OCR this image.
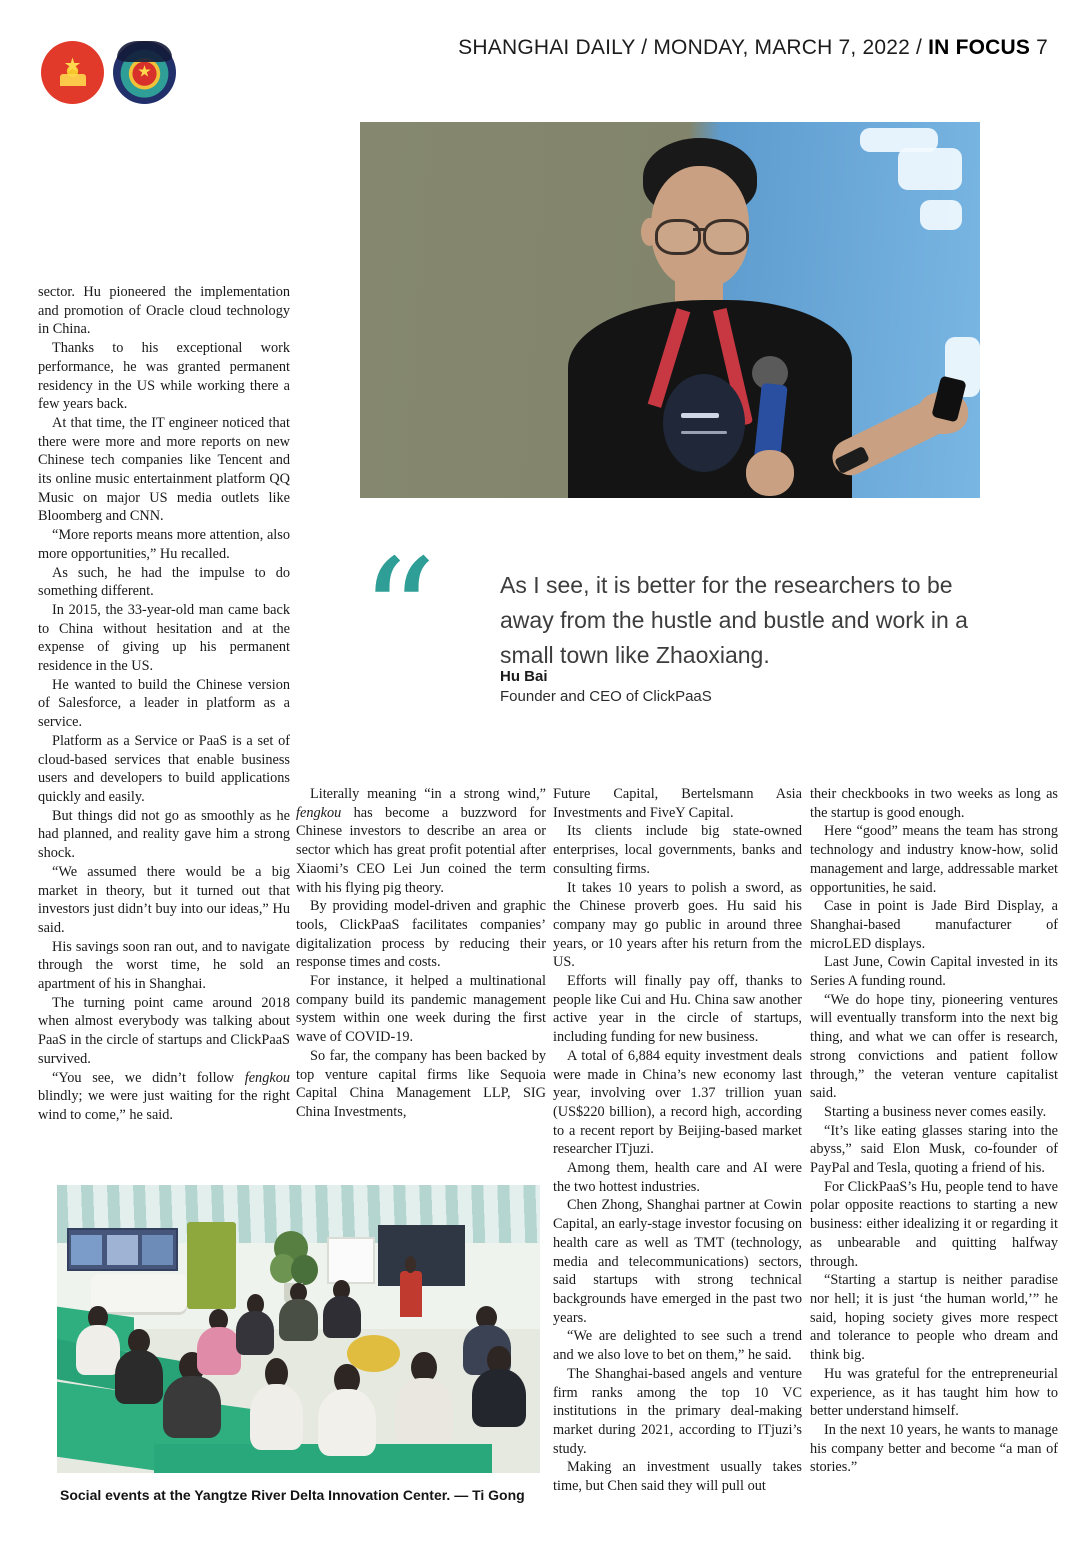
SHANGHAI DAILY / MONDAY, MARCH 7, 2022 / IN FOCUS 7
“	As I see, it is better for the researchers to be away from the hustle and bustle and work in a small town like Zhaoxiang.
Hu Bai
Founder and CEO of ClickPaaS

sector. Hu pioneered the implementation and promotion of Oracle cloud technology in China.

Thanks to his exceptional work performance, he was granted permanent residency in the US while working there a few years back.

At that time, the IT engineer noticed that there were more and more reports on new Chinese tech companies like Tencent and its online music entertainment platform QQ Music on major US media outlets like Bloomberg and CNN.

“More reports means more attention, also more opportunities,” Hu recalled.

As such, he had the impulse to do something different.

In 2015, the 33-year-old man came back to China without hesitation and at the expense of giving up his permanent residence in the US.

He wanted to build the Chinese version of Salesforce, a leader in platform as a service.

Platform as a Service or PaaS is a set of cloud-based services that enable business users and developers to build applications quickly and easily.

But things did not go as smoothly as he had planned, and reality gave him a strong shock.

“We assumed there would be a big market in theory, but it turned out that investors just didn’t buy into our ideas,” Hu said.

His savings soon ran out, and to navigate through the worst time, he sold an apartment of his in Shanghai.

The turning point came around 2018 when almost everybody was talking about PaaS in the circle of startups and ClickPaaS survived.

“You see, we didn’t follow fengkou blindly; we were just waiting for the right wind to come,” he said.

Literally meaning “in a strong wind,” fengkou has become a buzzword for Chinese investors to describe an area or sector which has great profit potential after Xiaomi’s CEO Lei Jun coined the term with his flying pig theory.

By providing model-driven and graphic tools, ClickPaaS facilitates companies’ digitalization process by reducing their response times and costs.

For instance, it helped a multinational company build its pandemic management system within one week during the first wave of COVID-19.

So far, the company has been backed by top venture capital firms like Sequoia Capital China Management LLP, SIG China Investments,

Future Capital, Bertelsmann Asia Investments and FiveY Capital.

Its clients include big state-owned enterprises, local governments, banks and consulting firms.

It takes 10 years to polish a sword, as the Chinese proverb goes. Hu said his company may go public in around three years, or 10 years after his return from the US.

Efforts will finally pay off, thanks to people like Cui and Hu. China saw another active year in the circle of startups, including funding for new business.

A total of 6,884 equity investment deals were made in China’s new economy last year, involving over 1.37 trillion yuan (US$220 billion), a record high, according to a recent report by Beijing-based market researcher ITjuzi.

Among them, health care and AI were the two hottest industries.

Chen Zhong, Shanghai partner at Cowin Capital, an early-stage investor focusing on health care as well as TMT (technology, media and telecommunications) sectors, said startups with strong technical backgrounds have emerged in the past two years.

“We are delighted to see such a trend and we also love to bet on them,” he said.

The Shanghai-based angels and venture firm ranks among the top 10 VC institutions in the primary deal-making market during 2021, according to ITjuzi’s study.

Making an investment usually takes time, but Chen said they will pull out

their checkbooks in two weeks as long as the startup is good enough.

Here “good” means the team has strong technology and industry know-how, solid management and large, addressable market opportunities, he said.

Case in point is Jade Bird Display, a Shanghai-based manufacturer of microLED displays.

Last June, Cowin Capital invested in its Series A funding round.

“We do hope tiny, pioneering ventures will eventually transform into the next big thing, and what we can offer is research, strong convictions and patient follow through,” the veteran venture capitalist said.

Starting a business never comes easily.

“It’s like eating glasses staring into the abyss,” said Elon Musk, co-founder of PayPal and Tesla, quoting a friend of his.

For ClickPaaS’s Hu, people tend to have polar opposite reactions to starting a new business: either idealizing it or regarding it as unbearable and quitting halfway through.

“Starting a startup is neither paradise nor hell; it is just ‘the human world,’” he said, hoping society gives more respect and tolerance to people who dream and think big.

Hu was grateful for the entrepreneurial experience, as it has taught him how to better understand himself.

In the next 10 years, he wants to manage his company better and become “a man of stories.”

Social events at the Yangtze River Delta Innovation Center. — Ti Gong
